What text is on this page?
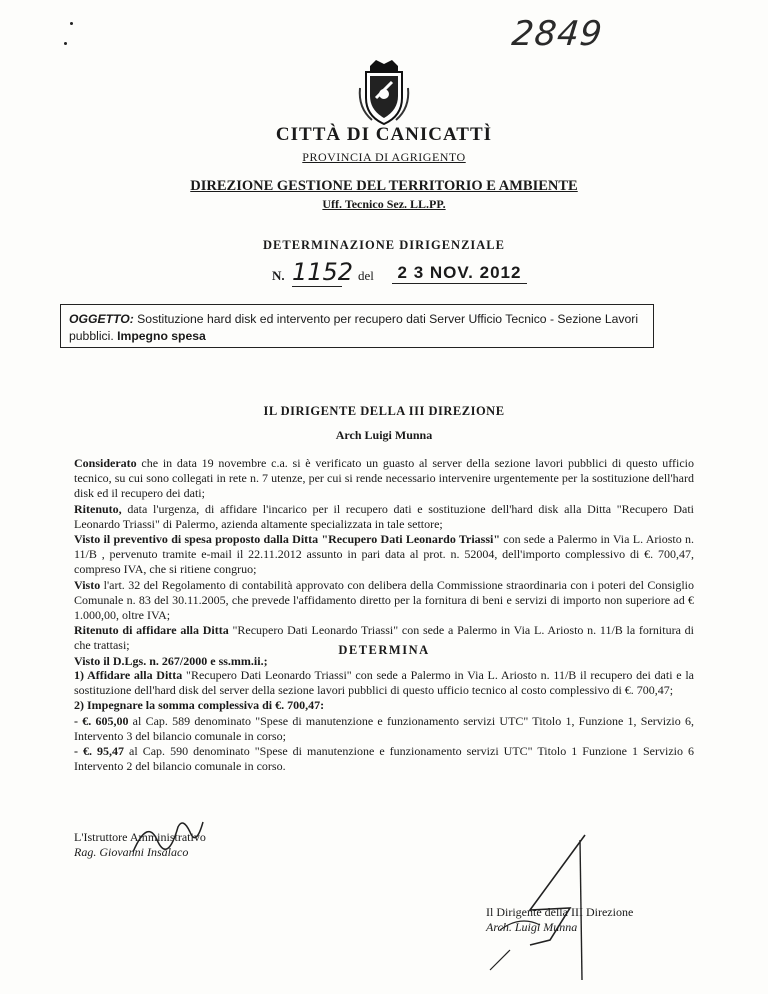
2849
CITTÀ DI CANICATTÌ
PROVINCIA DI AGRIGENTO
DIREZIONE GESTIONE DEL TERRITORIO E AMBIENTE
Uff. Tecnico Sez. LL.PP.
DETERMINAZIONE DIRIGENZIALE
N. 1152 del	2 3 NOV. 2012
OGGETTO: Sostituzione hard disk ed intervento per recupero dati Server Ufficio Tecnico - Sezione Lavori pubblici. Impegno spesa
IL DIRIGENTE DELLA III DIREZIONE
Arch Luigi Munna

Considerato che in data 19 novembre c.a. si è verificato un guasto al server della sezione lavori pubblici di questo ufficio tecnico, su cui sono collegati in rete n. 7 utenze, per cui si rende necessario intervenire urgentemente per la sostituzione dell'hard disk ed il recupero dei dati;

Ritenuto, data l'urgenza, di affidare l'incarico per il recupero dati e sostituzione dell'hard disk alla Ditta "Recupero Dati Leonardo Triassi" di Palermo, azienda altamente specializzata in tale settore;

Visto il preventivo di spesa proposto dalla Ditta "Recupero Dati Leonardo Triassi" con sede a Palermo in Via L. Ariosto n. 11/B , pervenuto tramite e-mail il 22.11.2012 assunto in pari data al prot. n. 52004, dell'importo complessivo di €. 700,47, compreso IVA, che si ritiene congruo;

Visto l'art. 32 del Regolamento di contabilità approvato con delibera della Commissione straordinaria con i poteri del Consiglio Comunale n. 83 del 30.11.2005, che prevede l'affidamento diretto per la fornitura di beni e servizi di importo non superiore ad € 1.000,00, oltre IVA;

Ritenuto di affidare alla Ditta "Recupero Dati Leonardo Triassi" con sede a Palermo in Via L. Ariosto n. 11/B la fornitura di che trattasi;

Visto il D.Lgs. n. 267/2000 e ss.mm.ii.;

DETERMINA

1) Affidare alla Ditta "Recupero Dati Leonardo Triassi" con sede a Palermo in Via L. Ariosto n. 11/B il recupero dei dati e la sostituzione dell'hard disk del server della sezione lavori pubblici di questo ufficio tecnico al costo complessivo di €. 700,47;

2) Impegnare la somma complessiva di €. 700,47:

- €. 605,00 al Cap. 589 denominato "Spese di manutenzione e funzionamento servizi UTC" Titolo 1, Funzione 1, Servizio 6, Intervento 3 del bilancio comunale in corso;

- €. 95,47 al Cap. 590 denominato "Spese di manutenzione e funzionamento servizi UTC" Titolo 1 Funzione 1 Servizio 6 Intervento 2 del bilancio comunale in corso.

L'Istruttore Amministrativo
Rag. Giovanni Insalaco
Il Dirigente della III Direzione
Arch. Luigi Munna
